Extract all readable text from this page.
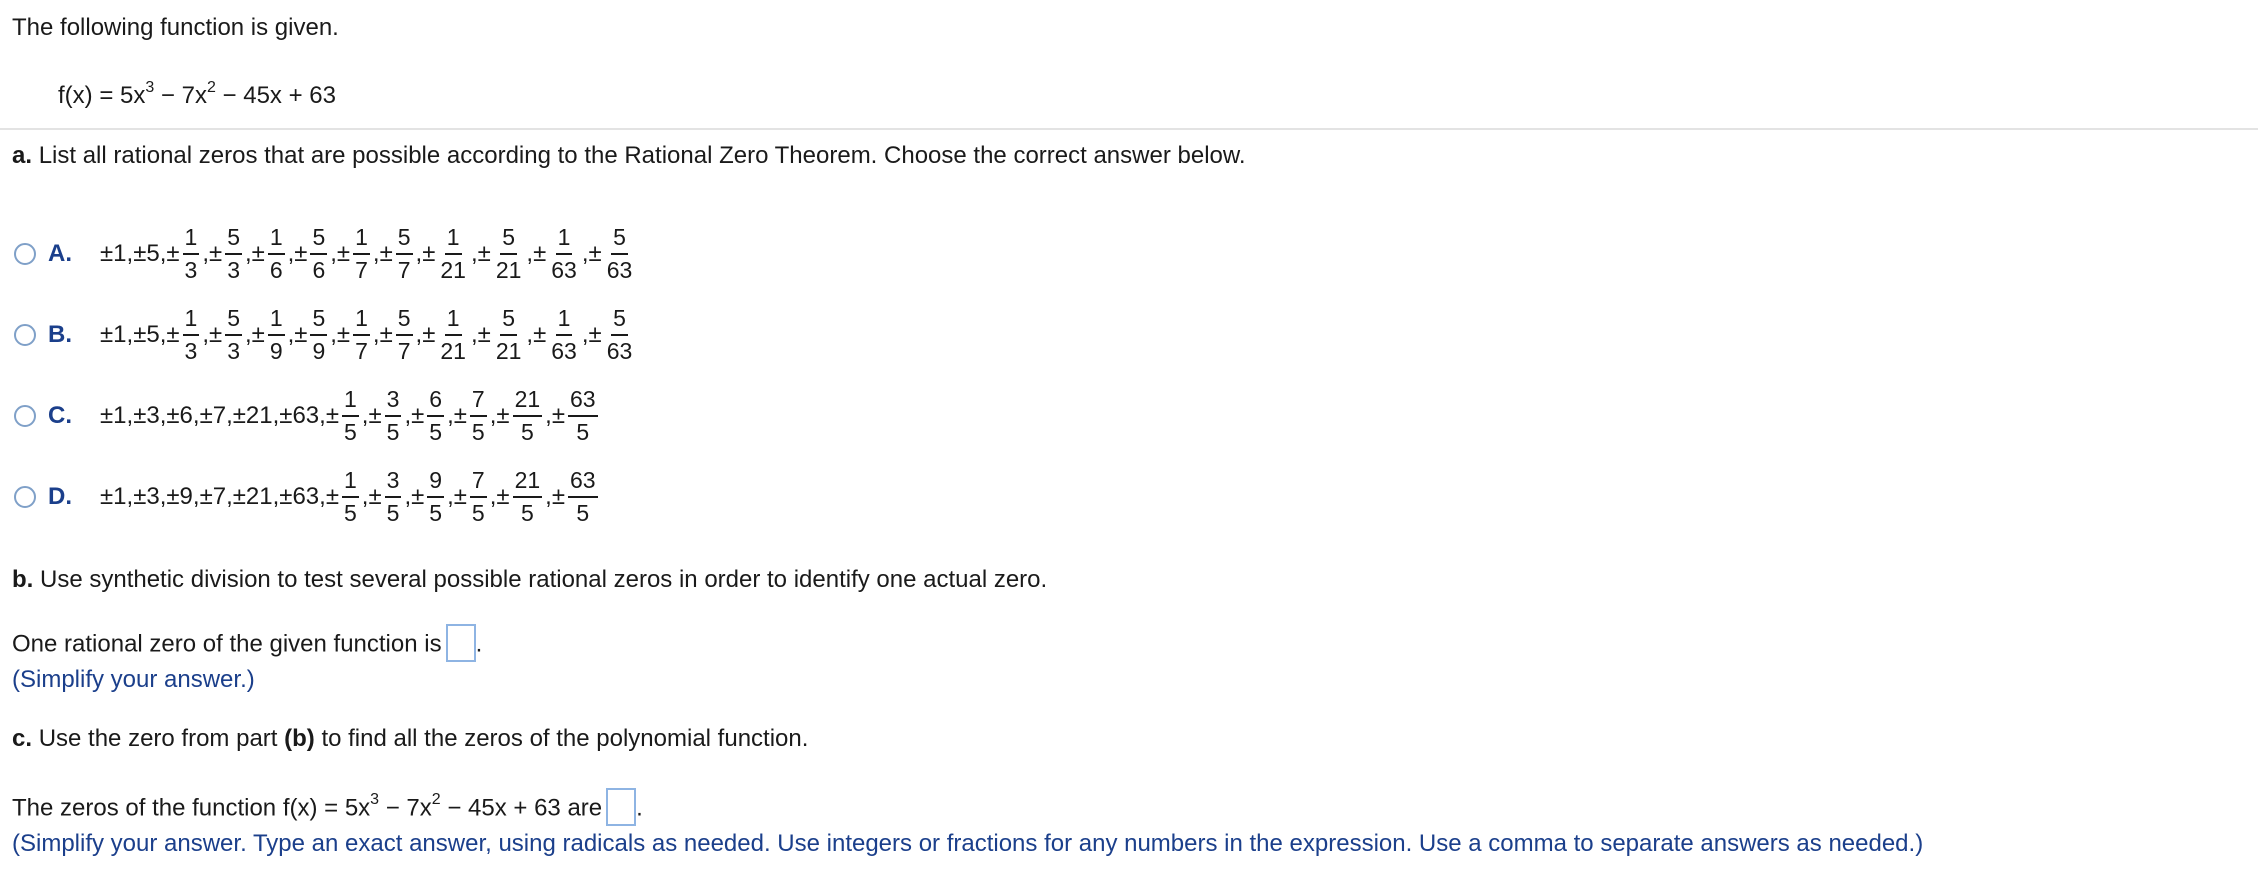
The following function is given.
$f(x) = 5x^3 - 7x^2 - 45x + 63$
a. List all rational zeros that are possible according to the Rational Zero Theorem. Choose the correct answer below.
A.	$\pm 1,\pm 5,\pm \frac{1}{3}$ ,± $\frac{5}{3}$ ,± $\frac{1}{6}$ ,± $\frac{5}{6}$ ,± $\frac{1}{7}$ ,± $\frac{5}{7}$ ,± $\frac{1}{21}$ ,± $\frac{5}{21}$ ,± $\frac{1}{63}$ ,± $\frac{5}{63}$
B.	$\pm 1,\pm 5,\pm \frac{1}{3}$ ,± $\frac{5}{3}$ ,± $\frac{1}{9}$ ,± $\frac{5}{9}$ ,± $\frac{1}{7}$ ,± $\frac{5}{7}$ ,± $\frac{1}{21}$ ,± $\frac{5}{21}$ ,± $\frac{1}{63}$ ,± $\frac{5}{63}$
C.	$\pm 1,\pm 3,\pm 6,\pm 7,\pm 21,\pm 63,\pm \frac{1}{5}$ ,± $\frac{3}{5}$ ,± $\frac{6}{5}$ ,± $\frac{7}{5}$ ,± $\frac{21}{5}$ ,± $\frac{63}{5}$
D.	$\pm 1,\pm 3,\pm 9,\pm 7,\pm 21,\pm 63,\pm \frac{1}{5}$ ,± $\frac{3}{5}$ ,± $\frac{9}{5}$ ,± $\frac{7}{5}$ ,± $\frac{21}{5}$ ,± $\frac{63}{5}$
b. Use synthetic division to test several possible rational zeros in order to identify one actual zero.
One rational zero of the given function is .
(Simplify your answer.)
c. Use the zero from part (b) to find all the zeros of the polynomial function.
The zeros of the function $f(x) = 5x^3 - 7x^2 - 45x + 63$ are .
(Simplify your answer. Type an exact answer, using radicals as needed. Use integers or fractions for any numbers in the expression. Use a comma to separate answers as needed.)
